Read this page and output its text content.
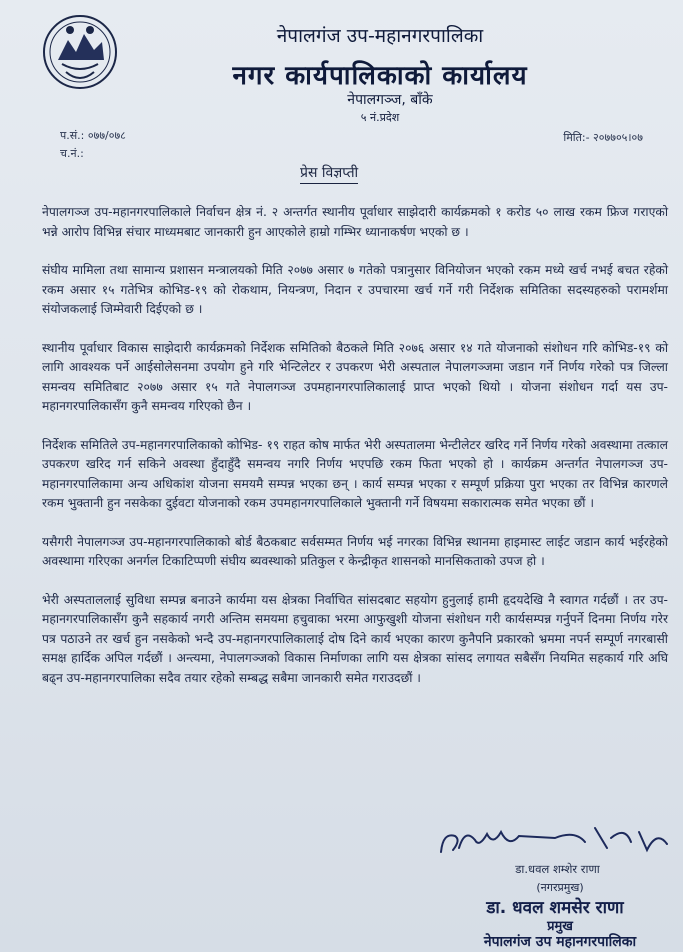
नेपालगंज उप-महानगरपालिका
नगर कार्यपालिकाको कार्यालय
नेपालगञ्ज, बाँके
५ नं.प्रदेश
प.सं.: ०७७/०७८
च.नं.:
मिति:- २०७७०५।०७
प्रेस विज्ञप्ती

नेपालगञ्ज उप-महानगरपालिकाले निर्वाचन क्षेत्र नं. २ अन्तर्गत स्थानीय पूर्वाधार साझेदारी कार्यक्रमको १ करोड ५० लाख रकम फ्रिज गराएको भन्ने आरोप विभिन्न संचार माध्यमबाट जानकारी हुन आएकोले हाम्रो गम्भिर ध्यानाकर्षण भएको छ ।

संघीय मामिला तथा सामान्य प्रशासन मन्त्रालयको मिति २०७७ असार ७ गतेको पत्रानुसार विनियोजन भएको रकम मध्ये खर्च नभई बचत रहेको रकम असार १५ गतेभित्र कोभिड-१९ को रोकथाम, नियन्त्रण, निदान र उपचारमा खर्च गर्ने गरी निर्देशक समितिका सदस्यहरुको परामर्शमा संयोजकलाई जिम्मेवारी दिईएको छ ।

स्थानीय पूर्वाधार विकास साझेदारी कार्यक्रमको निर्देशक समितिको बैठकले मिति २०७६ असार १४ गते योजनाको संशोधन गरि कोभिड-१९ को लागि आवश्यक पर्ने आईसोलेसनमा उपयोग हुने गरि भेन्टिलेटर र उपकरण भेरी अस्पताल नेपालगञ्जमा जडान गर्ने निर्णय गरेको पत्र जिल्ला समन्वय समितिबाट २०७७ असार १५ गते नेपालगञ्ज उपमहानगरपालिकालाई प्राप्त भएको थियो । योजना संशोधन गर्दा यस उप-महानगरपालिकासँग कुनै समन्वय गरिएको छैन ।

निर्देशक समितिले उप-महानगरपालिकाको कोभिड- १९ राहत कोष मार्फत भेरी अस्पतालमा भेन्टीलेटर खरिद गर्ने निर्णय गरेको अवस्थामा तत्काल उपकरण खरिद गर्न सकिने अवस्था हुँदाहुँदै समन्वय नगरि निर्णय भएपछि रकम फिता भएको हो । कार्यक्रम अन्तर्गत नेपालगञ्ज उप-महानगरपालिकामा अन्य अधिकांश योजना समयमै सम्पन्न भएका छन् । कार्य सम्पन्न भएका र सम्पूर्ण प्रक्रिया पुरा भएका तर विभिन्न कारणले रकम भुक्तानी हुन नसकेका दुईवटा योजनाको रकम उपमहानगरपालिकाले भुक्तानी गर्ने विषयमा सकारात्मक समेत भएका छौं ।

यसैगरी नेपालगञ्ज उप-महानगरपालिकाको बोर्ड बैठकबाट सर्वसम्मत निर्णय भई नगरका विभिन्न स्थानमा हाइमास्ट लाईट जडान कार्य भईरहेको अवस्थामा गरिएका अनर्गल टिकाटिप्पणी संघीय ब्यवस्थाको प्रतिकुल र केन्द्रीकृत शासनको मानसिकताको उपज हो ।

भेरी अस्पताललाई सुविधा सम्पन्न बनाउने कार्यमा यस क्षेत्रका निर्वाचित सांसदबाट सहयोग हुनुलाई हामी हृदयदेखि नै स्वागत गर्दछौं । तर उप-महानगरपालिकासँग कुनै सहकार्य नगरी अन्तिम समयमा हचुवाका भरमा आफुखुशी योजना संशोधन गरी कार्यसम्पन्न गर्नुपर्ने दिनमा निर्णय गरेर पत्र पठाउने तर खर्च हुन नसकेको भन्दै उप-महानगरपालिकालाई दोष दिने कार्य भएका कारण कुनैपनि प्रकारको भ्रममा नपर्न सम्पूर्ण नगरबासी समक्ष हार्दिक अपिल गर्दछौं । अन्त्यमा, नेपालगञ्जको विकास निर्माणका लागि यस क्षेत्रका सांसद लगायत सबैसँग नियमित सहकार्य गरि अघि बढ्न उप-महानगरपालिका सदैव तयार रहेको सम्बद्ध सबैमा जानकारी समेत गराउदछौं ।

डा.धवल शम्शेर राणा
(नगरप्रमुख)
डा. धवल शमसेर राणा
प्रमुख
नेपालगंज उप महानगरपालिका
